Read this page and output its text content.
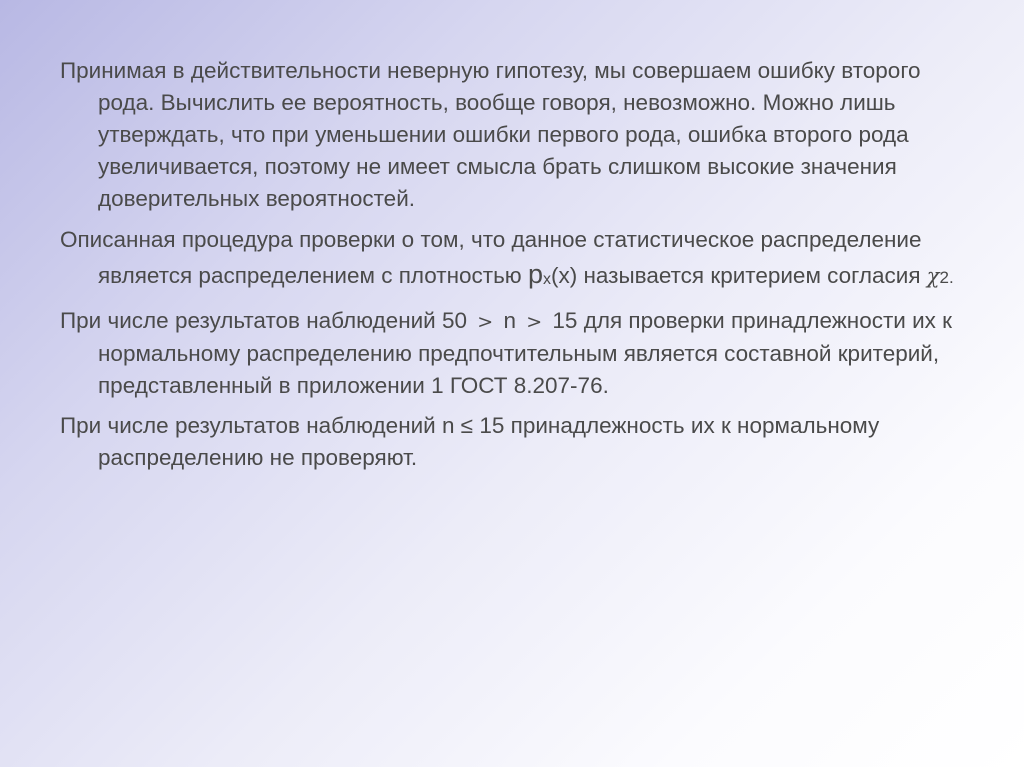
Принимая в действительности неверную гипотезу, мы совершаем ошибку второго рода. Вычислить ее вероятность, вообще говоря, невозможно. Можно лишь утверждать, что при уменьшении ошибки первого рода, ошибка второго рода увеличивается, поэтому не имеет смысла брать слишком высокие значения доверительных вероятностей.

Описанная процедура проверки о том, что данное статистическое распределение является распределением с плотностью px(x) называется критерием согласия χ2.

При числе результатов наблюдений 50 > n > 15 для проверки принадлежности их к нормальному распределению предпочтительным является составной критерий, представленный в приложении 1 ГОСТ 8.207-76.

При числе результатов наблюдений n ≤ 15 принадлежность их к нормальному распределению не проверяют.
